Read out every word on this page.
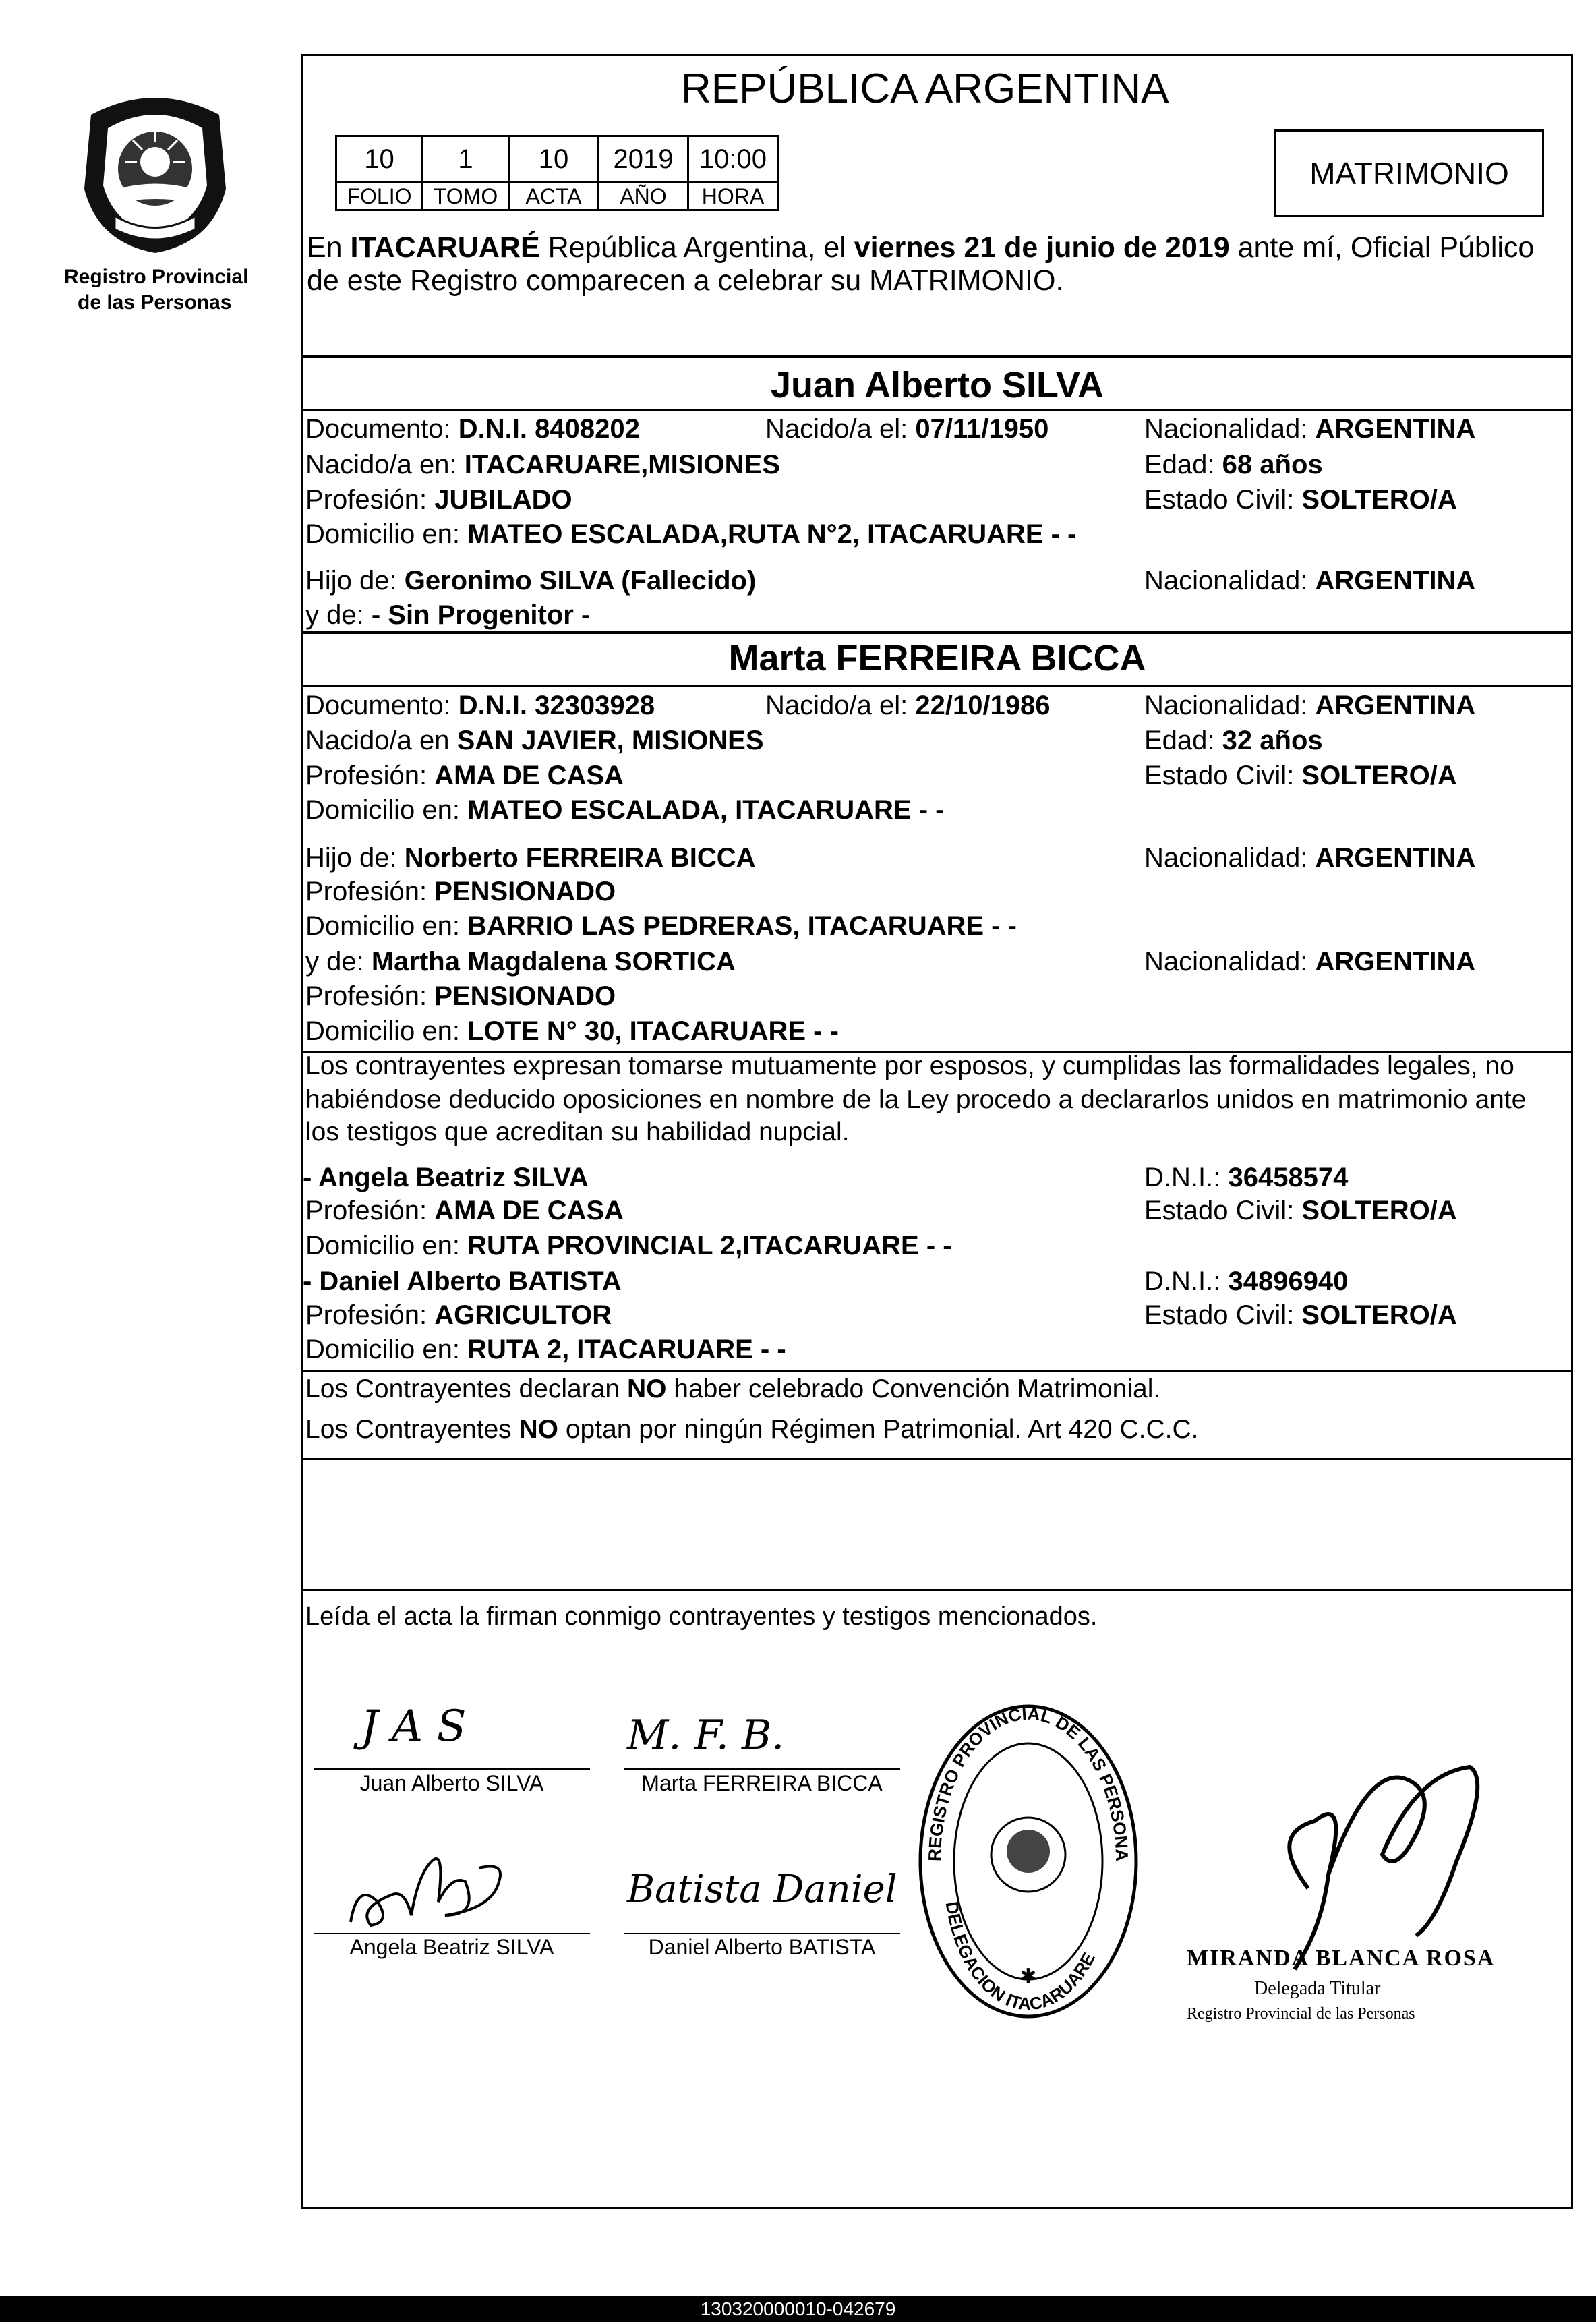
Registro Provincial
de las Personas
REPÚBLICA ARGENTINA
10	1	10	2019	10:00
FOLIO	TOMO	ACTA	AÑO	HORA
MATRIMONIO
En ITACARUARÉ República Argentina, el viernes 21 de junio de 2019 ante mí, Oficial Público
de este Registro comparecen a celebrar su MATRIMONIO.
Juan Alberto SILVA
Documento: D.N.I. 8408202	Nacido/a el: 07/11/1950	Nacionalidad: ARGENTINA
Nacido/a en: ITACARUARE,MISIONES	Edad: 68 años
Profesión: JUBILADO	Estado Civil: SOLTERO/A
Domicilio en: MATEO ESCALADA,RUTA N°2, ITACARUARE - -
Hijo de: Geronimo SILVA (Fallecido)	Nacionalidad: ARGENTINA
y de: - Sin Progenitor -
Marta FERREIRA BICCA
Documento: D.N.I. 32303928	Nacido/a el: 22/10/1986	Nacionalidad: ARGENTINA
Nacido/a en SAN JAVIER, MISIONES	Edad: 32 años
Profesión: AMA DE CASA	Estado Civil: SOLTERO/A
Domicilio en: MATEO ESCALADA, ITACARUARE - -
Hijo de: Norberto FERREIRA BICCA	Nacionalidad: ARGENTINA
Profesión: PENSIONADO
Domicilio en: BARRIO LAS PEDRERAS, ITACARUARE - -
y de: Martha Magdalena SORTICA	Nacionalidad: ARGENTINA
Profesión: PENSIONADO
Domicilio en: LOTE N° 30, ITACARUARE - -
Los contrayentes expresan tomarse mutuamente por esposos, y cumplidas las formalidades legales, no
habiéndose deducido oposiciones en nombre de la Ley procedo a declararlos unidos en matrimonio ante
los testigos que acreditan su habilidad nupcial.
- Angela Beatriz SILVA	D.N.I.: 36458574
Profesión: AMA DE CASA	Estado Civil: SOLTERO/A
Domicilio en: RUTA PROVINCIAL 2,ITACARUARE - -
- Daniel Alberto BATISTA	D.N.I.: 34896940
Profesión: AGRICULTOR	Estado Civil: SOLTERO/A
Domicilio en: RUTA 2, ITACARUARE - -
Los Contrayentes declaran NO haber celebrado Convención Matrimonial.
Los Contrayentes NO optan por ningún Régimen Patrimonial. Art 420 C.C.C.
Leída el acta la firman conmigo contrayentes y testigos mencionados.
J A S
Juan Alberto SILVA
M. F. B.
Marta FERREIRA BICCA
Angela Beatriz SILVA
Batista Daniel
Daniel Alberto BATISTA
REGISTRO PROVINCIAL DE LAS PERSONA
DELEGACION ITACARUARE
✱
MIRANDA BLANCA ROSA
Delegada Titular
Registro Provincial de las Personas
130320000010-042679
